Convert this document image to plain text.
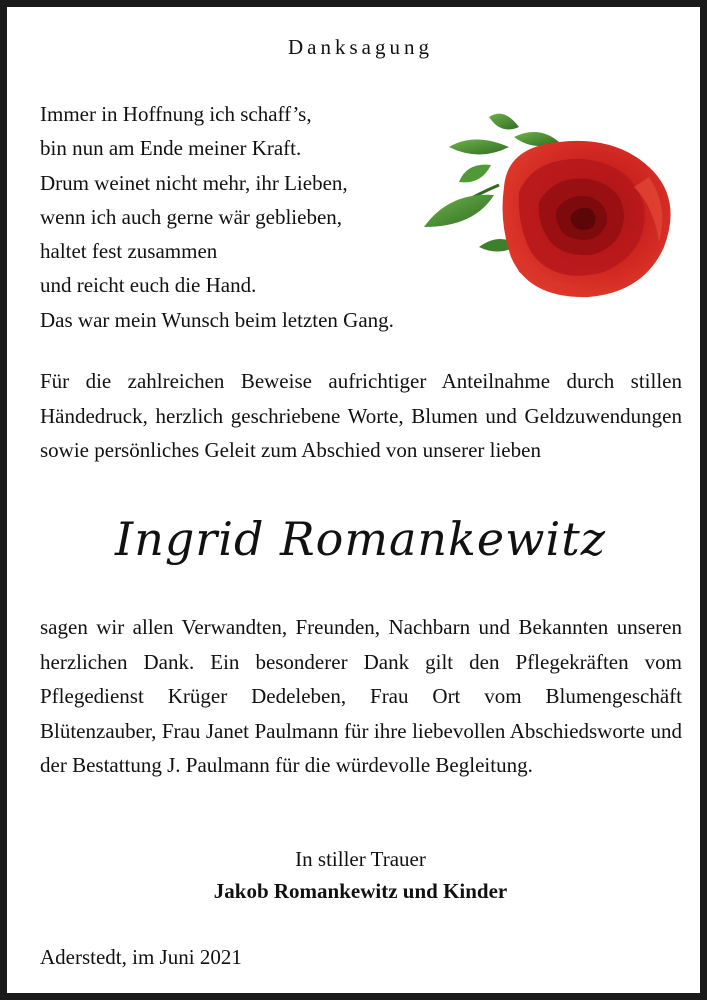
Danksagung
Immer in Hoffnung ich schaff’s,
bin nun am Ende meiner Kraft.
Drum weinet nicht mehr, ihr Lieben,
wenn ich auch gerne wär geblieben,
haltet fest zusammen
und reicht euch die Hand.
Das war mein Wunsch beim letzten Gang.
Für die zahlreichen Beweise aufrichtiger Anteilnahme durch stillen Händedruck, herzlich geschriebene Worte, Blumen und Geldzuwendungen sowie persönliches Geleit zum Abschied von unserer lieben
Ingrid Romankewitz
sagen wir allen Verwandten, Freunden, Nachbarn und Bekannten unseren herzlichen Dank. Ein besonderer Dank gilt den Pflegekräften vom Pflegedienst Krüger Dedeleben, Frau Ort vom Blumengeschäft Blütenzauber, Frau Janet Paulmann für ihre liebevollen Abschiedsworte und der Bestattung J. Paulmann für die würdevolle Begleitung.
In stiller Trauer
Jakob Romankewitz und Kinder
Aderstedt, im Juni 2021
